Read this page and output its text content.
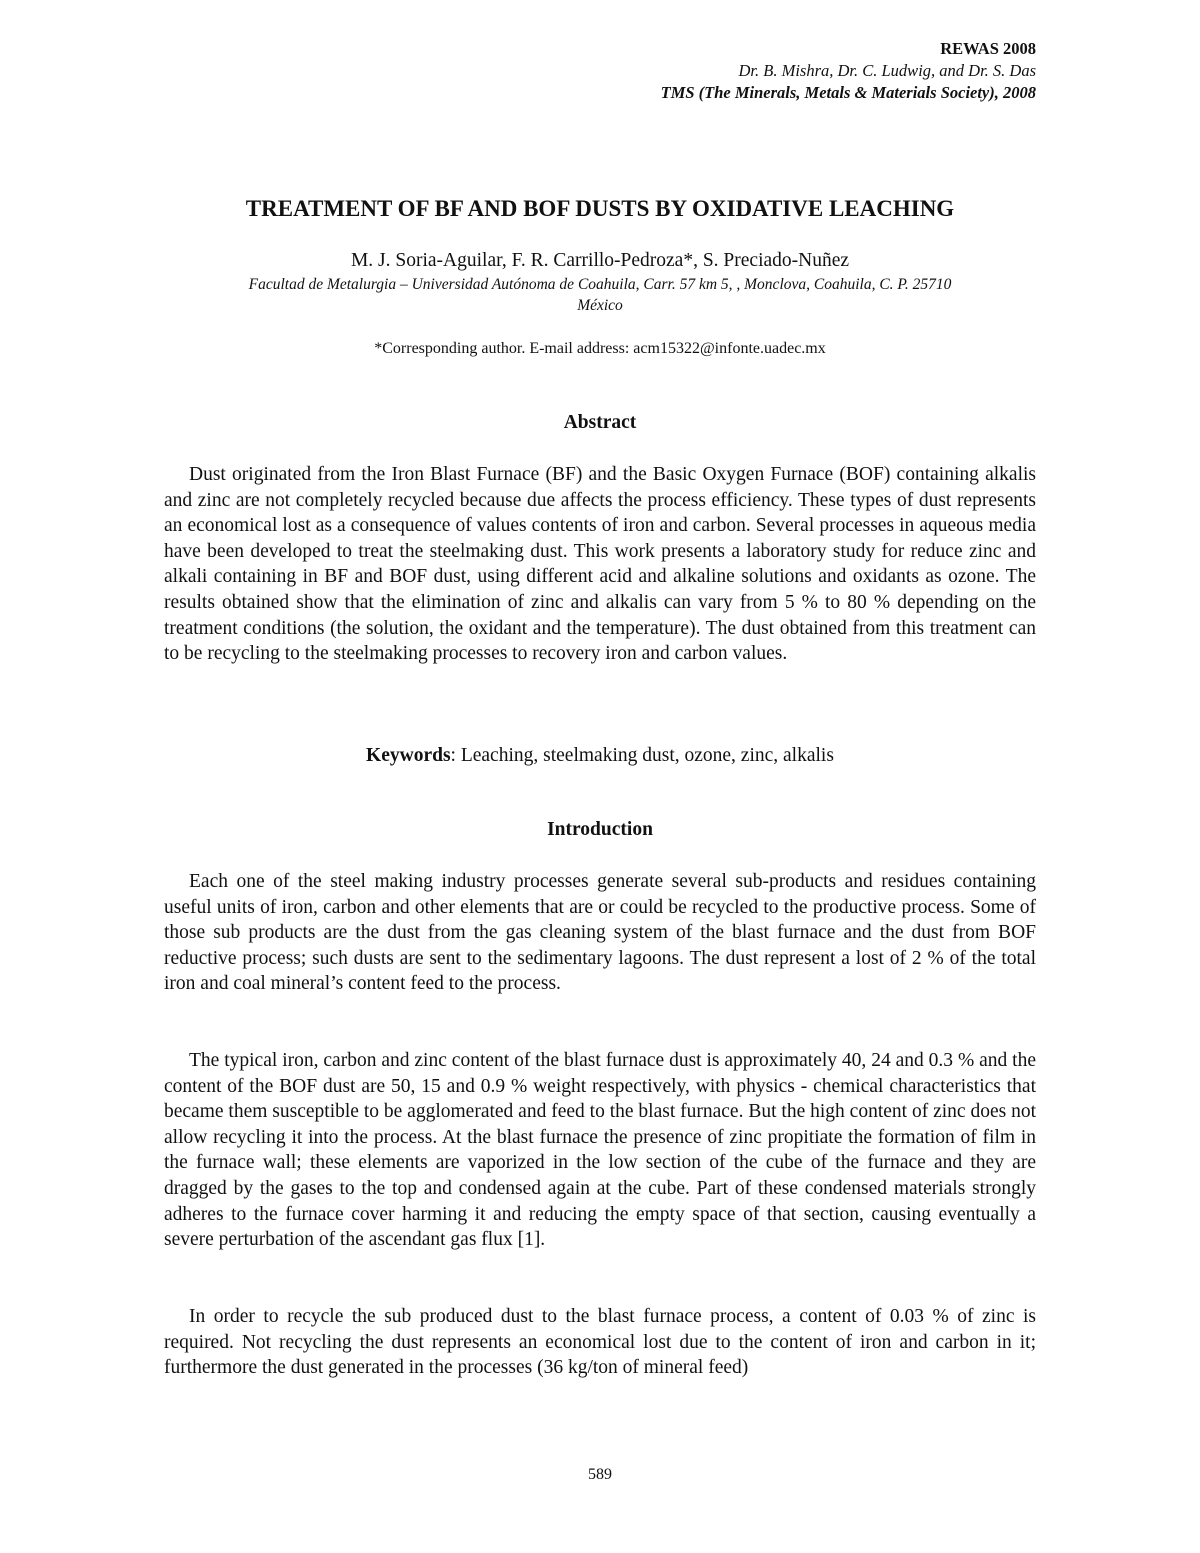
REWAS 2008
Dr. B. Mishra, Dr. C. Ludwig, and Dr. S. Das
TMS (The Minerals, Metals & Materials Society), 2008
TREATMENT OF BF AND BOF DUSTS BY OXIDATIVE LEACHING
M. J. Soria-Aguilar, F. R. Carrillo-Pedroza*, S. Preciado-Nuñez
Facultad de Metalurgia – Universidad Autónoma de Coahuila, Carr. 57 km 5, , Monclova, Coahuila, C. P. 25710
México
*Corresponding author. E-mail address: acm15322@infonte.uadec.mx
Abstract

Dust originated from the Iron Blast Furnace (BF) and the Basic Oxygen Furnace (BOF) containing alkalis and zinc are not completely recycled because due affects the process efficiency. These types of dust represents an economical lost as a consequence of values contents of iron and carbon. Several processes in aqueous media have been developed to treat the steelmaking dust. This work presents a laboratory study for reduce zinc and alkali containing in BF and BOF dust, using different acid and alkaline solutions and oxidants as ozone. The results obtained show that the elimination of zinc and alkalis can vary from 5 % to 80 % depending on the treatment conditions (the solution, the oxidant and the temperature). The dust obtained from this treatment can to be recycling to the steelmaking processes to recovery iron and carbon values.

Keywords: Leaching, steelmaking dust, ozone, zinc, alkalis
Introduction

Each one of the steel making industry processes generate several sub-products and residues containing useful units of iron, carbon and other elements that are or could be recycled to the productive process. Some of those sub products are the dust from the gas cleaning system of the blast furnace and the dust from BOF reductive process; such dusts are sent to the sedimentary lagoons. The dust represent a lost of 2 % of the total iron and coal mineral’s content feed to the process.

The typical iron, carbon and zinc content of the blast furnace dust is approximately 40, 24 and 0.3 % and the content of the BOF dust are 50, 15 and 0.9 % weight respectively, with physics - chemical characteristics that became them susceptible to be agglomerated and feed to the blast furnace. But the high content of zinc does not allow recycling it into the process. At the blast furnace the presence of zinc propitiate the formation of film in the furnace wall; these elements are vaporized in the low section of the cube of the furnace and they are dragged by the gases to the top and condensed again at the cube. Part of these condensed materials strongly adheres to the furnace cover harming it and reducing the empty space of that section, causing eventually a severe perturbation of the ascendant gas flux [1].

In order to recycle the sub produced dust to the blast furnace process, a content of 0.03 % of zinc is required. Not recycling the dust represents an economical lost due to the content of iron and carbon in it; furthermore the dust generated in the processes (36 kg/ton of mineral feed)

589
